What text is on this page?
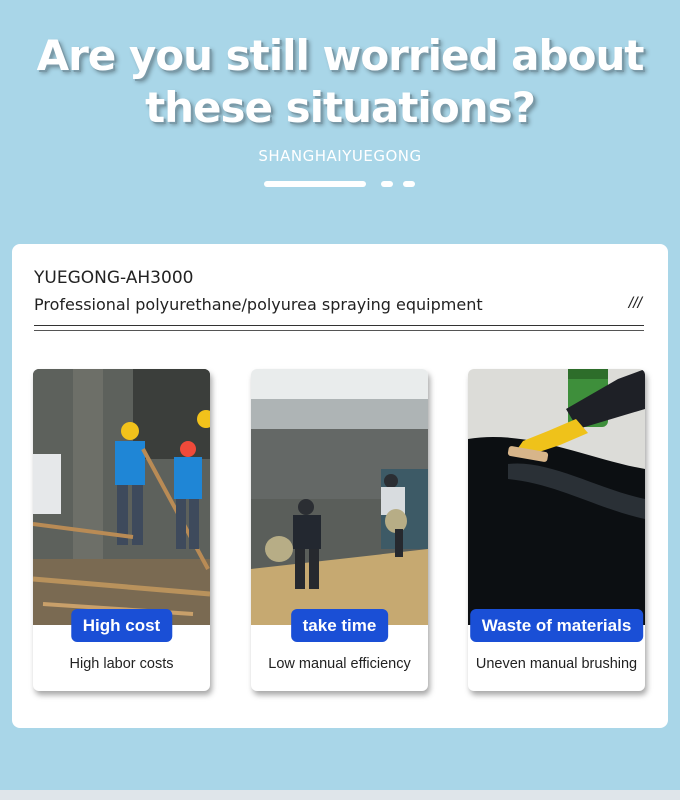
Are you still worried about
these situations?
SHANGHAIYUEGONG
YUEGONG-AH3000
Professional polyurethane/polyurea spraying equipment	///
High cost
High labor costs
take time
Low manual efficiency
Waste of materials
Uneven manual brushing
